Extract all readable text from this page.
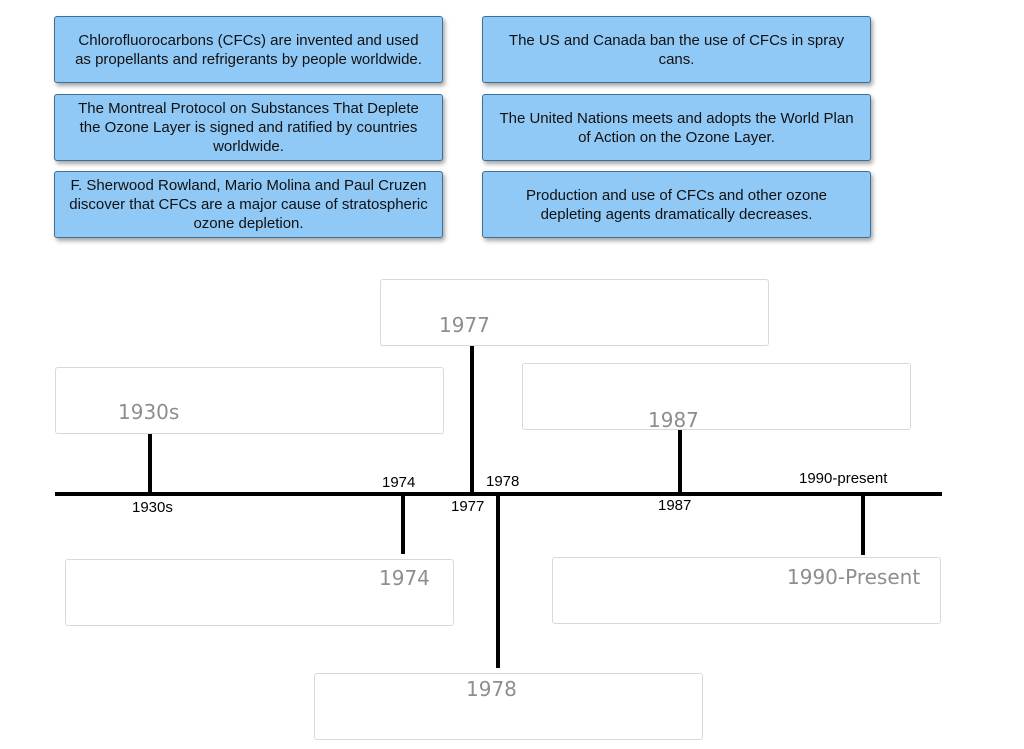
Chlorofluorocarbons (CFCs) are invented and used as propellants and refrigerants by people worldwide.
The US and Canada ban the use of CFCs in spray cans.
The Montreal Protocol on Substances That Deplete the Ozone Layer is signed and ratified by countries worldwide.
The United Nations meets and adopts the World Plan of Action on the Ozone Layer.
F. Sherwood Rowland, Mario Molina and Paul Cruzen discover that CFCs are a major cause of stratospheric ozone depletion.
Production and use of CFCs and other ozone depleting agents dramatically decreases.
1977
1930s	1987
1974	1990-Present
1978
1930s
1974
1977
1978
1987
1990-present
